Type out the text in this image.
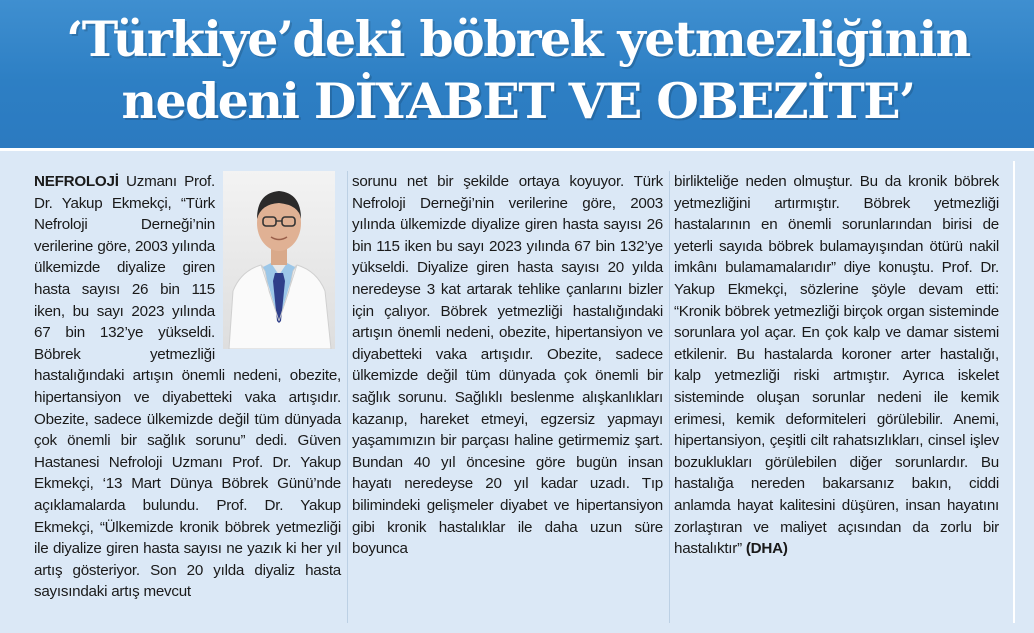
‘Türkiye’deki böbrek yetmezliğinin
nedeni DİYABET VE OBEZİTE’

NEFROLOJİ Uzmanı Prof. Dr. Yakup Ekmekçi, “Türk Nefroloji Derneği’nin verilerine göre, 2003 yılında ülkemizde diyalize giren hasta sayısı 26 bin 115 iken, bu sayı 2023 yılında 67 bin 132’ye yükseldi. Böbrek yetmezliği hastalığındaki artışın önemli nedeni, obezite, hipertansiyon ve diyabetteki vaka artışıdır. Obezite, sadece ülkemizde değil tüm dünyada çok önemli bir sağlık sorunu” dedi. Güven Hastanesi Nefroloji Uzmanı Prof. Dr. Yakup Ekmekçi, ‘13 Mart Dünya Böbrek Günü’nde açıklamalarda bulundu. Prof. Dr. Yakup Ekmekçi, “Ülkemizde kronik böbrek yetmezliği ile diyalize giren hasta sayısı ne yazık ki her yıl artış gösteriyor. Son 20 yılda diyaliz hasta sayısındaki artış mevcut

sorunu net bir şekilde ortaya koyuyor. Türk Nefroloji Derneği’nin verilerine göre, 2003 yılında ülkemizde diyalize giren hasta sayısı 26 bin 115 iken bu sayı 2023 yılında 67 bin 132’ye yükseldi. Diyalize giren hasta sayısı 20 yılda neredeyse 3 kat artarak tehlike çanlarını bizler için çalıyor. Böbrek yetmezliği hastalığındaki artışın önemli nedeni, obezite, hipertansiyon ve diyabetteki vaka artışıdır. Obezite, sadece ülkemizde değil tüm dünyada çok önemli bir sağlık sorunu. Sağlıklı beslenme alışkanlıkları kazanıp, hareket etmeyi, egzersiz yapmayı yaşamımızın bir parçası haline getirmemiz şart. Bundan 40 yıl öncesine göre bugün insan hayatı neredeyse 20 yıl kadar uzadı. Tıp bilimindeki gelişmeler diyabet ve hipertansiyon gibi kronik hastalıklar ile daha uzun süre boyunca

birlikteliğe neden olmuştur. Bu da kronik böbrek yetmezliğini artırmıştır. Böbrek yetmezliği hastalarının en önemli sorunlarından birisi de yeterli sayıda böbrek bulamayışından ötürü nakil imkânı bulamamalarıdır” diye konuştu. Prof. Dr. Yakup Ekmekçi, sözlerine şöyle devam etti: “Kronik böbrek yetmezliği birçok organ sisteminde sorunlara yol açar. En çok kalp ve damar sistemi etkilenir. Bu hastalarda koroner arter hastalığı, kalp yetmezliği riski artmıştır. Ayrıca iskelet sisteminde oluşan sorunlar nedeni ile kemik erimesi, kemik deformiteleri görülebilir. Anemi, hipertansiyon, çeşitli cilt rahatsızlıkları, cinsel işlev bozuklukları görülebilen diğer sorunlardır. Bu hastalığa nereden bakarsanız bakın, ciddi anlamda hayat kalitesini düşüren, insan hayatını zorlaştıran ve maliyet açısından da zorlu bir hastalıktır” (DHA)
